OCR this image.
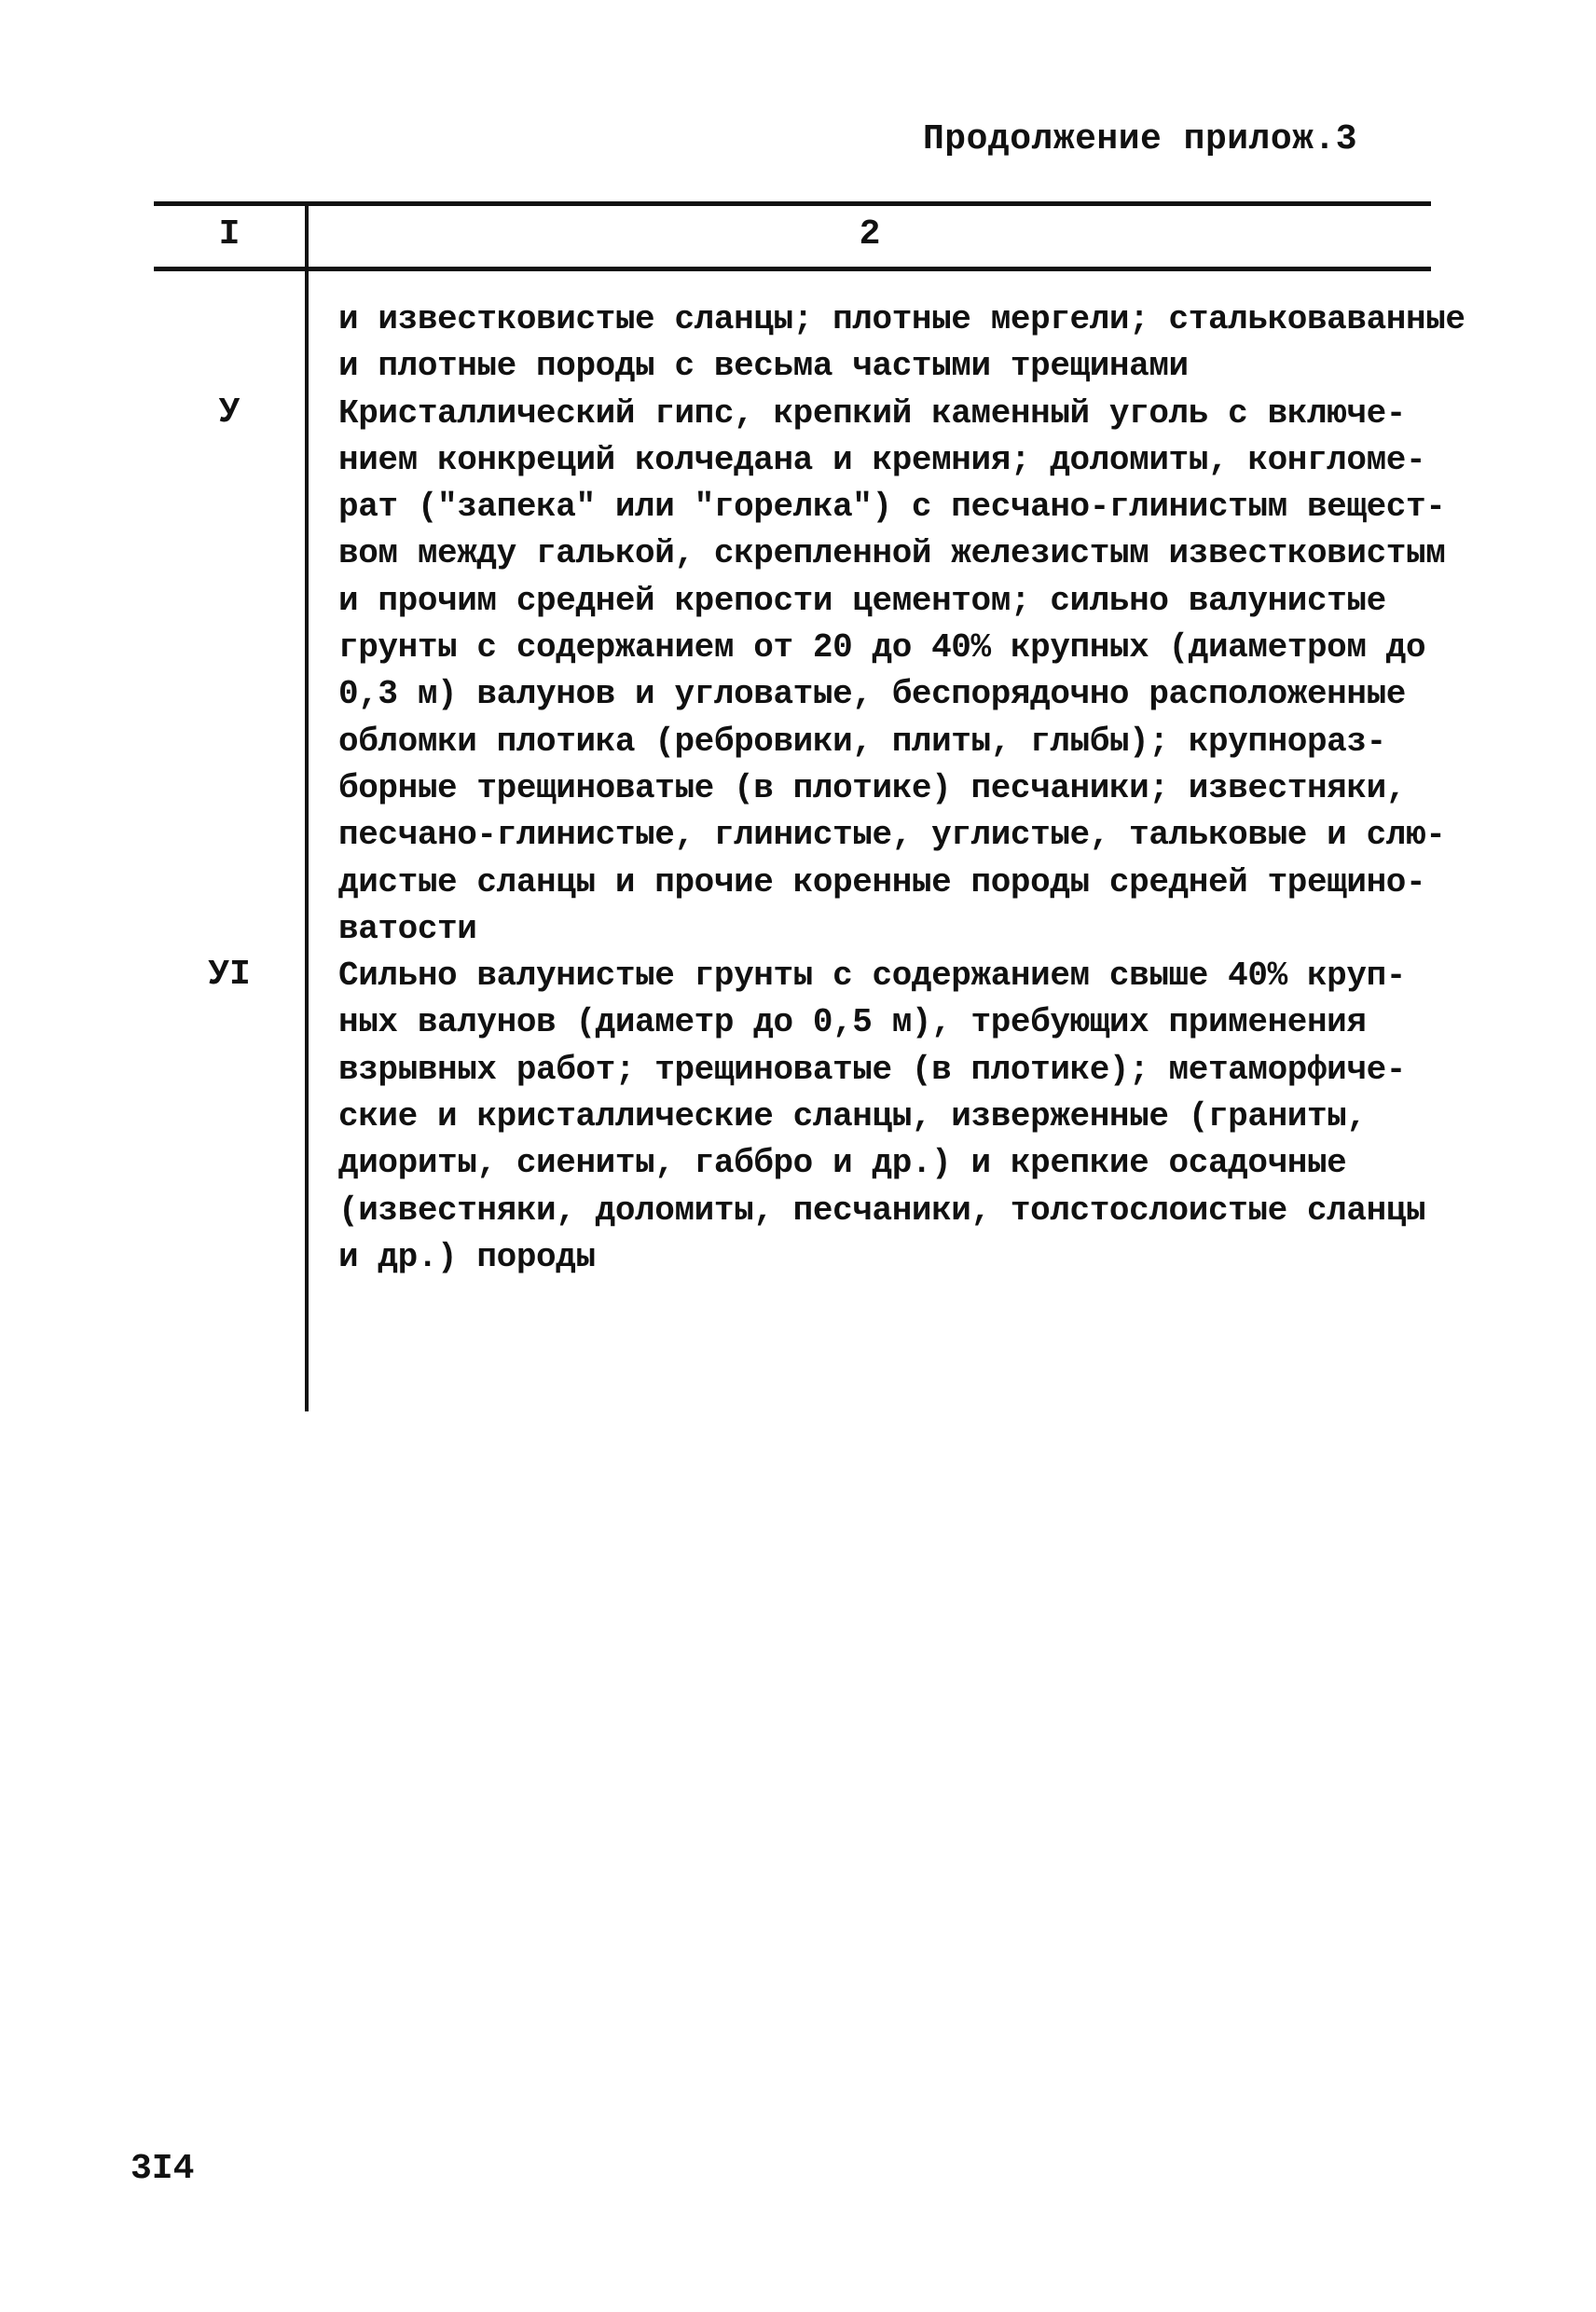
Продолжение прилож.3
I	2
У
УI
и известковистые сланцы; плотные мергели; стальковаванные
и плотные породы с весьма частыми трещинами
Кристаллический гипс, крепкий каменный уголь с включе-
нием конкреций колчедана и кремния; доломиты, конгломе-
рат ("запека" или "горелка") с песчано-глинистым вещест-
вом между галькой, скрепленной железистым известковистым
и прочим средней крепости цементом; сильно валунистые
грунты с содержанием от 20 до 40% крупных (диаметром до
0,3 м) валунов и угловатые, беспорядочно расположенные
обломки плотика (ребровики, плиты, глыбы); крупнораз-
борные трещиноватые (в плотике) песчаники; известняки,
песчано-глинистые, глинистые, углистые, тальковые и слю-
дистые сланцы и прочие коренные породы средней трещино-
ватости
Сильно валунистые грунты с содержанием свыше 40% круп-
ных валунов (диаметр до 0,5 м), требующих применения
взрывных работ; трещиноватые (в плотике); метаморфиче-
ские и кристаллические сланцы, изверженные (граниты,
диориты, сиениты, габбро и др.) и крепкие осадочные
(известняки, доломиты, песчаники, толстослоистые сланцы
и др.) породы
3I4
